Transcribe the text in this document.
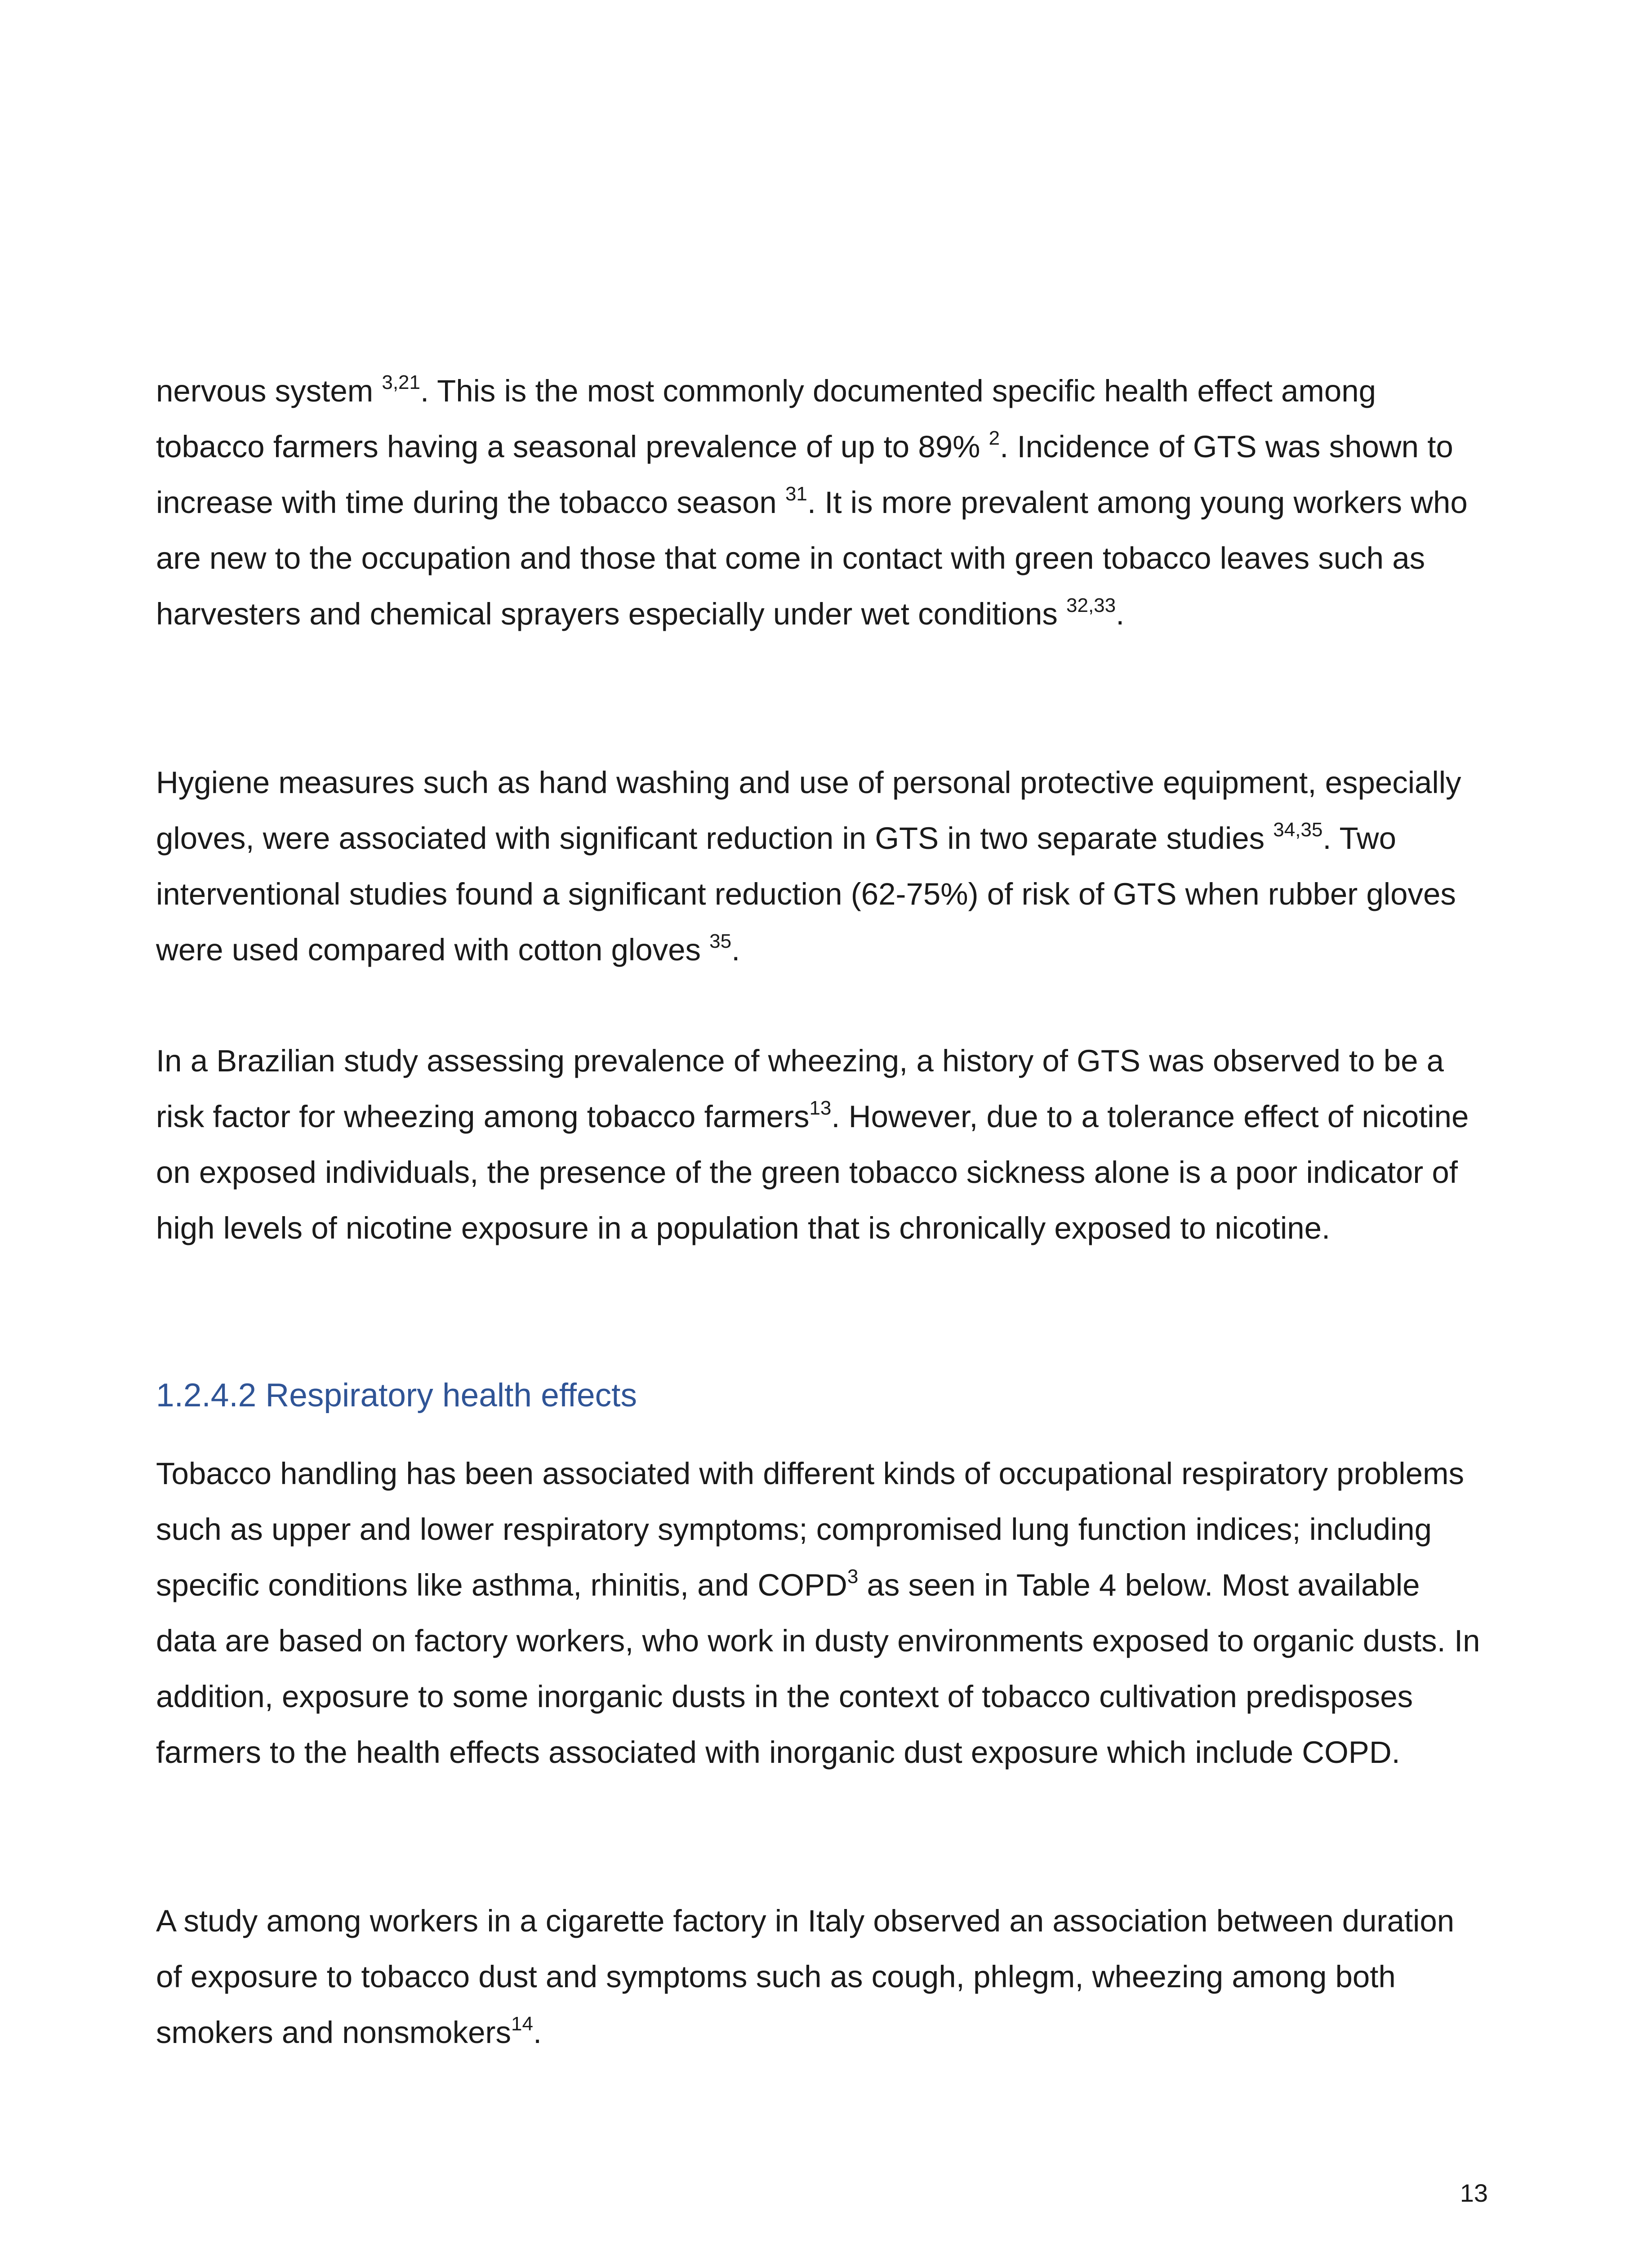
nervous system $^{3,21}$. This is the most commonly documented specific health effect among tobacco farmers having a seasonal prevalence of up to 89% $^2$. Incidence of GTS was shown to increase with time during the tobacco season $^{31}$. It is more prevalent among young workers who are new to the occupation and those that come in contact with green tobacco leaves such as harvesters and chemical sprayers especially under wet conditions $^{32,33}$.

Hygiene measures such as hand washing and use of personal protective equipment, especially gloves, were associated with significant reduction in GTS in two separate studies $^{34,35}$. Two interventional studies found a significant reduction (62-75%) of risk of GTS when rubber gloves were used compared with cotton gloves $^{35}$.

In a Brazilian study assessing prevalence of wheezing, a history of GTS was observed to be a risk factor for wheezing among tobacco farmers$^{13}$. However, due to a tolerance effect of nicotine on exposed individuals, the presence of the green tobacco sickness alone is a poor indicator of high levels of nicotine exposure in a population that is chronically exposed to nicotine.

1.2.4.2 Respiratory health effects

Tobacco handling has been associated with different kinds of occupational respiratory problems such as upper and lower respiratory symptoms; compromised lung function indices; including specific conditions like asthma, rhinitis, and COPD$^3$ as seen in Table 4 below. Most available data are based on factory workers, who work in dusty environments exposed to organic dusts. In addition, exposure to some inorganic dusts in the context of tobacco cultivation predisposes farmers to the health effects associated with inorganic dust exposure which include COPD.

A study among workers in a cigarette factory in Italy observed an association between duration of exposure to tobacco dust and symptoms such as cough, phlegm, wheezing among both smokers and nonsmokers$^{14}$.

13
